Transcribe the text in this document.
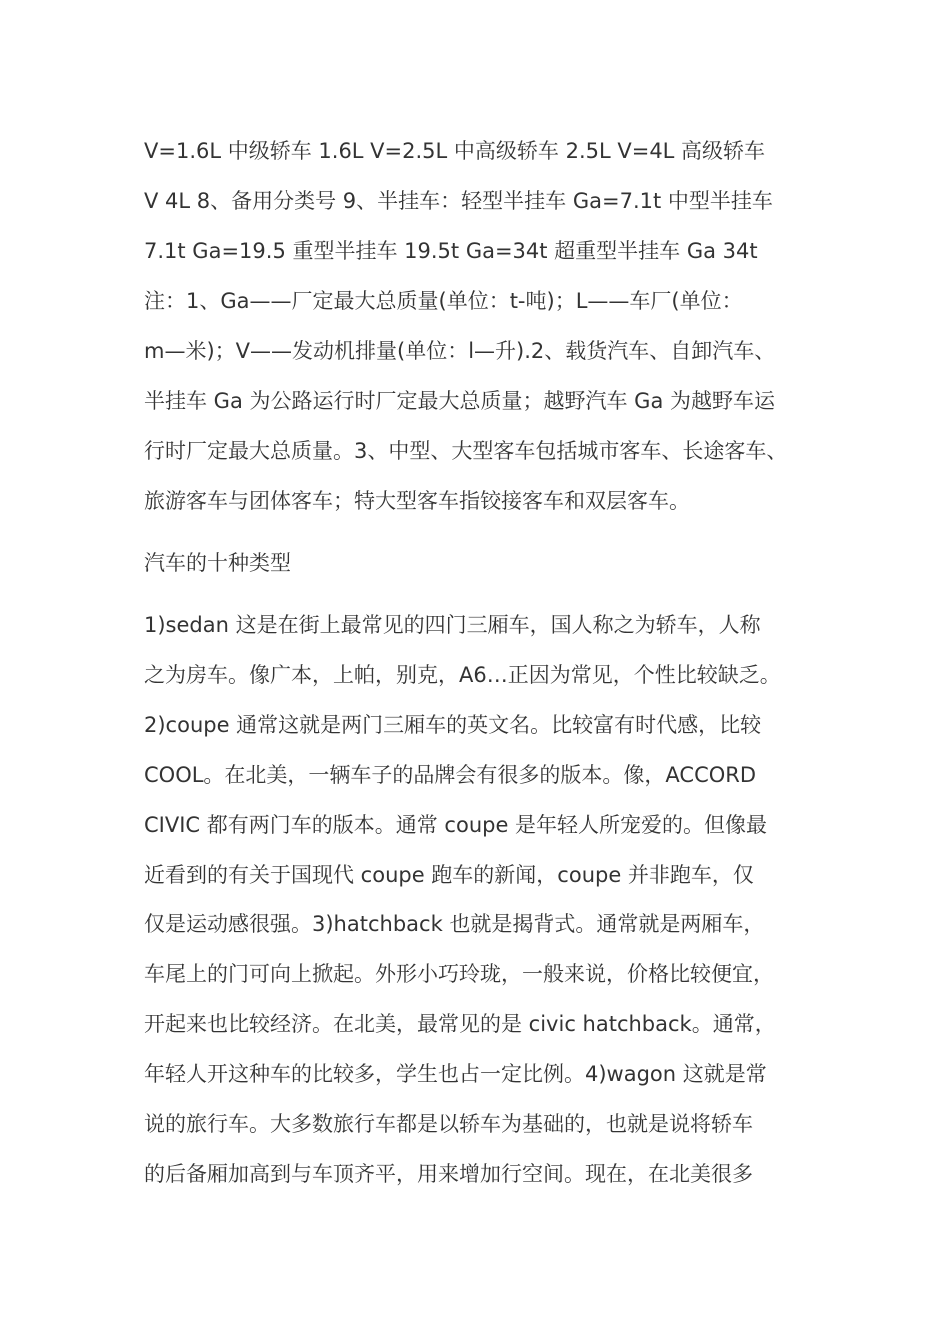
V=1.6L 中级轿车 1.6L V=2.5L 中高级轿车 2.5L V=4L 高级轿车
V 4L 8、备用分类号 9、半挂车：轻型半挂车 Ga=7.1t 中型半挂车
7.1t Ga=19.5 重型半挂车 19.5t Ga=34t 超重型半挂车 Ga 34t
注：1、Ga——厂定最大总质量(单位：t-吨)；L——车厂(单位：
m—米)；V——发动机排量(单位：l—升).2、载货汽车、自卸汽车、
半挂车 Ga 为公路运行时厂定最大总质量；越野汽车 Ga 为越野车运
行时厂定最大总质量。3、中型、大型客车包括城市客车、长途客车、
旅游客车与团体客车；特大型客车指铰接客车和双层客车。
汽车的十种类型
1)sedan 这是在街上最常见的四门三厢车，国人称之为轿车，人称
之为房车。像广本，上帕，别克，A6…正因为常见，个性比较缺乏。
2)coupe 通常这就是两门三厢车的英文名。比较富有时代感，比较
COOL。在北美，一辆车子的品牌会有很多的版本。像，ACCORD
CIVIC 都有两门车的版本。通常 coupe 是年轻人所宠爱的。但像最
近看到的有关于国现代 coupe 跑车的新闻，coupe 并非跑车，仅
仅是运动感很强。3)hatchback 也就是揭背式。通常就是两厢车，
车尾上的门可向上掀起。外形小巧玲珑，一般来说，价格比较便宜，
开起来也比较经济。在北美，最常见的是 civic hatchback。通常，
年轻人开这种车的比较多，学生也占一定比例。4)wagon 这就是常
说的旅行车。大多数旅行车都是以轿车为基础的，也就是说将轿车
的后备厢加高到与车顶齐平，用来增加行空间。现在，在北美很多
